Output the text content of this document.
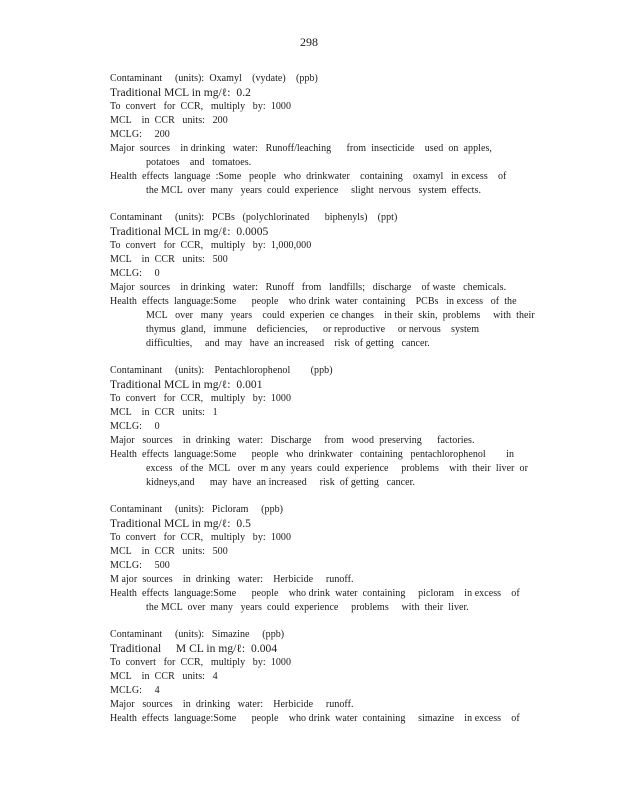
298
Contaminant     (units):  Oxamyl    (vydate)    (ppb)
Traditional MCL in mg/ℓ:  0.2
To  convert   for  CCR,   multiply   by:  1000
MCL    in  CCR   units:   200
MCLG:     200
Major  sources    in drinking   water:   Runoff/leaching      from  insecticide    used  on  apples,
potatoes    and   tomatoes.
Health  effects  language  :Some   people   who  drinkwater    containing    oxamyl   in excess    of
the MCL  over  many   years  could  experience     slight  nervous   system  effects.
Contaminant     (units):   PCBs   (polychlorinated      biphenyls)    (ppt)
Traditional MCL in mg/ℓ:  0.0005
To  convert   for  CCR,   multiply   by:  1,000,000
MCL    in  CCR   units:   500
MCLG:     0
Major  sources    in drinking   water:   Runoff   from   landfills;   discharge    of waste   chemicals.
Health  effects  language:Some      people    who drink  water  containing    PCBs   in excess   of  the
MCL   over   many   years    could  experien  ce changes    in their  skin,  problems     with  their
thymus  gland,   immune    deficiencies,      or reproductive     or nervous    system
difficulties,     and  may   have  an increased    risk  of getting   cancer.
Contaminant     (units):    Pentachlorophenol        (ppb)
Traditional MCL in mg/ℓ:  0.001
To  convert   for  CCR,   multiply   by:  1000
MCL    in  CCR   units:   1
MCLG:     0
Major   sources    in  drinking   water:   Discharge     from   wood  preserving      factories.
Health  effects  language:Some      people   who  drinkwater   containing   pentachlorophenol        in
excess   of the  MCL   over  m any  years  could  experience     problems    with  their  liver  or
kidneys,and      may  have  an increased     risk  of getting   cancer.
Contaminant     (units):   Picloram     (ppb)
Traditional MCL in mg/ℓ:  0.5
To  convert   for  CCR,   multiply   by:  1000
MCL    in  CCR   units:   500
MCLG:     500
M ajor  sources    in  drinking   water:    Herbicide     runoff.
Health  effects  language:Some      people    who drink  water  containing     picloram    in excess    of
the MCL  over  many   years  could  experience     problems     with  their  liver.
Contaminant     (units):   Simazine     (ppb)
Traditional     M CL in mg/ℓ:  0.004
To  convert   for  CCR,   multiply   by:  1000
MCL    in  CCR   units:   4
MCLG:     4
Major   sources    in  drinking   water:    Herbicide     runoff.
Health  effects  language:Some      people    who drink  water  containing     simazine    in excess    of
